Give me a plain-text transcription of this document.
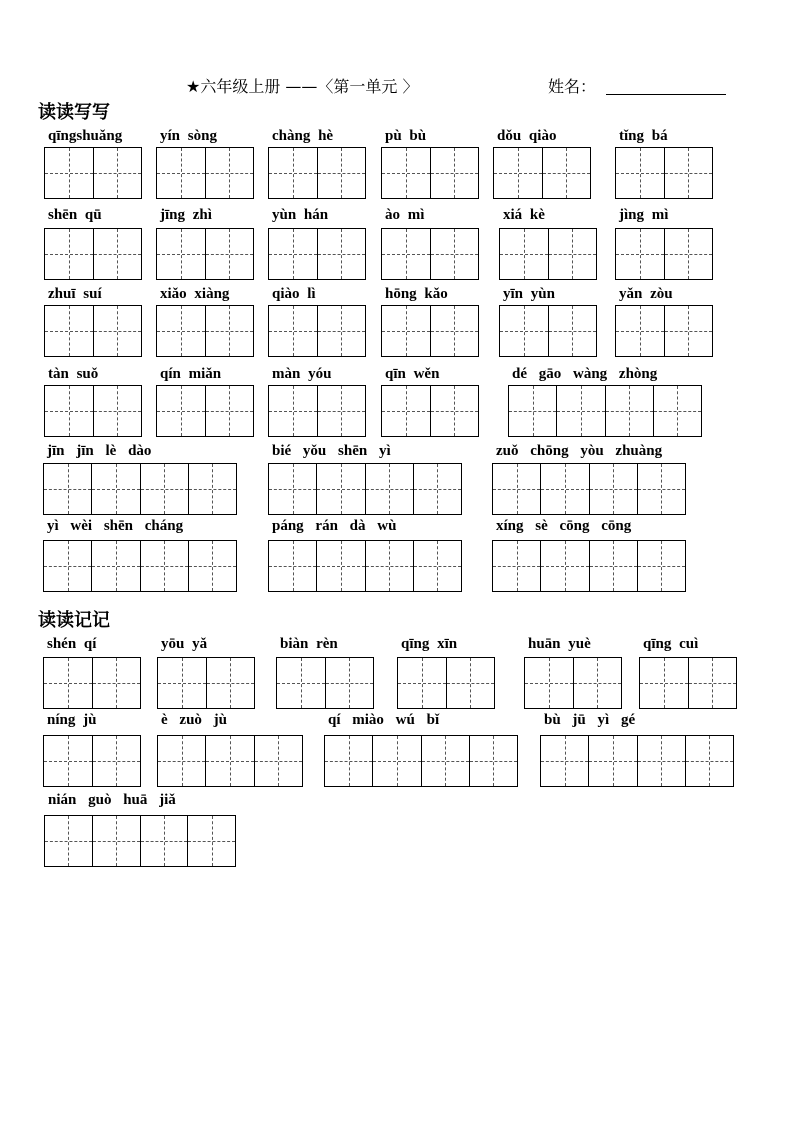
★六年级上册 ——〈第一单元 〉	姓名：
读读写写
读读记记
qīngshuǎng	yín sòng	chàng hè	pù bù	dǒu qiào	tǐng bá
shēn qū	jīng zhì	yùn hán	ào mì	xiá kè	jìng mì
zhuī suí	xiǎo xiàng	qiào lì	hōng kǎo	yīn yùn	yǎn zòu
tàn suǒ	qín miǎn	màn yóu	qīn wěn	dé gāo wàng zhòng
jīn jīn lè dào	bié yǒu shēn yì	zuǒ chōng yòu zhuàng
yì wèi shēn cháng	páng rán dà wù	xíng sè cōng cōng
shén qí	yōu yǎ	biàn rèn	qīng xīn	huān yuè	qīng cuì
níng jù	è zuò jù	qí miào wú bǐ	bù jū yì gé
nián guò huā jiǎ
